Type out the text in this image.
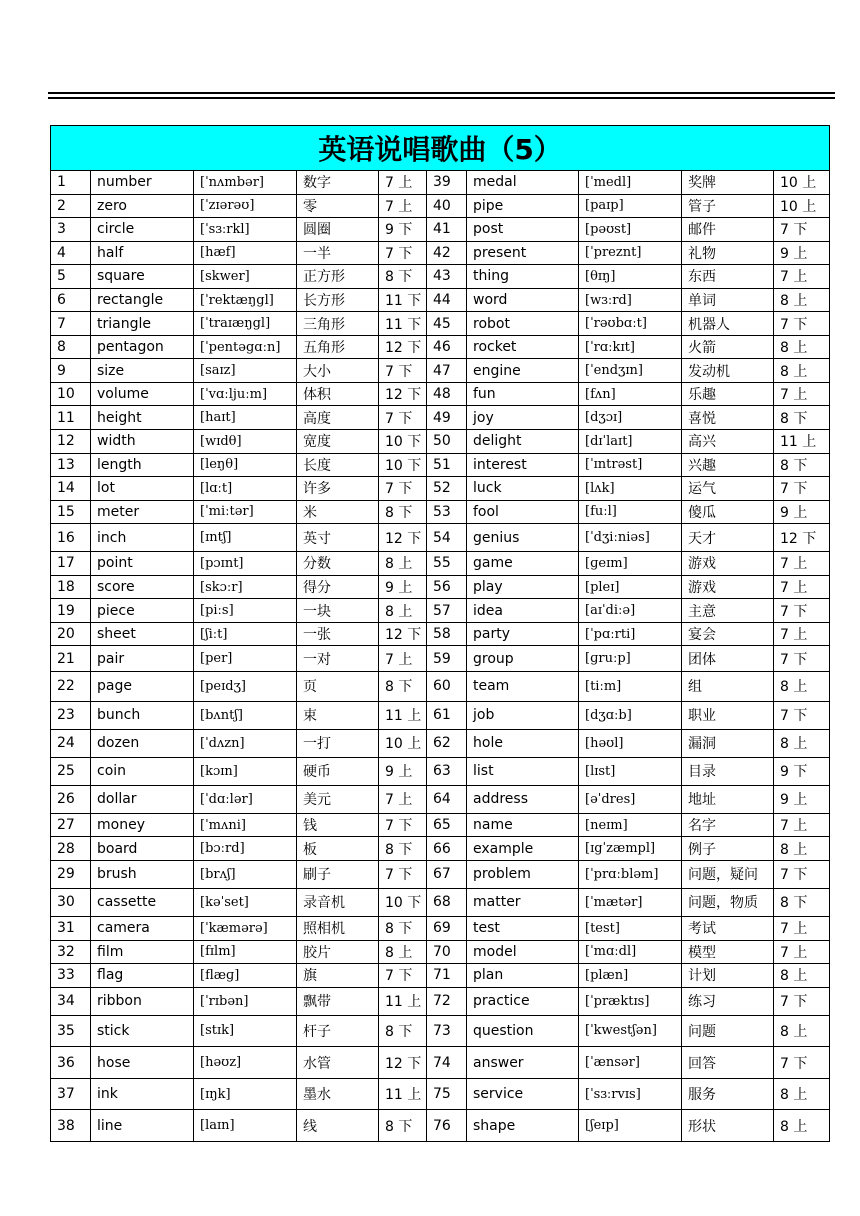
英语说唱歌曲（5）									
1	number	[ˈnʌmbər]	数字	7 上	39	medal	[ˈmedl]	奖牌	10 上
2	zero	[ˈzɪərəʊ]	零	7 上	40	pipe	[paɪp]	管子	10 上
3	circle	[ˈsɜːrkl]	圆圈	9 下	41	post	[pəʊst]	邮件	7 下
4	half	[hæf]	一半	7 下	42	present	[ˈpreznt]	礼物	9 上
5	square	[skwer]	正方形	8 下	43	thing	[θɪŋ]	东西	7 上
6	rectangle	[ˈrektæŋgl]	长方形	11 下	44	word	[wɜːrd]	单词	8 上
7	triangle	[ˈtraɪæŋgl]	三角形	11 下	45	robot	[ˈrəʊbɑːt]	机器人	7 下
8	pentagon	[ˈpentəgɑːn]	五角形	12 下	46	rocket	[ˈrɑːkɪt]	火箭	8 上
9	size	[saɪz]	大小	7 下	47	engine	[ˈendʒɪn]	发动机	8 上
10	volume	[ˈvɑːljuːm]	体积	12 下	48	fun	[fʌn]	乐趣	7 上
11	height	[haɪt]	高度	7 下	49	joy	[dʒɔɪ]	喜悦	8 下
12	width	[wɪdθ]	宽度	10 下	50	delight	[dɪˈlaɪt]	高兴	11 上
13	length	[leŋθ]	长度	10 下	51	interest	[ˈɪntrəst]	兴趣	8 下
14	lot	[lɑːt]	许多	7 下	52	luck	[lʌk]	运气	7 下
15	meter	[ˈmiːtər]	米	8 下	53	fool	[fuːl]	傻瓜	9 上
16	inch	[ɪntʃ]	英寸	12 下	54	genius	[ˈdʒiːniəs]	天才	12 下
17	point	[pɔɪnt]	分数	8 上	55	game	[ɡeɪm]	游戏	7 上
18	score	[skɔːr]	得分	9 上	56	play	[pleɪ]	游戏	7 上
19	piece	[piːs]	一块	8 上	57	idea	[aɪˈdiːə]	主意	7 下
20	sheet	[ʃiːt]	一张	12 下	58	party	[ˈpɑːrti]	宴会	7 上
21	pair	[per]	一对	7 上	59	group	[ɡruːp]	团体	7 下
22	page	[peɪdʒ]	页	8 下	60	team	[tiːm]	组	8 上
23	bunch	[bʌntʃ]	束	11 上	61	job	[dʒɑːb]	职业	7 下
24	dozen	[ˈdʌzn]	一打	10 上	62	hole	[həʊl]	漏洞	8 上
25	coin	[kɔɪn]	硬币	9 上	63	list	[lɪst]	目录	9 下
26	dollar	[ˈdɑːlər]	美元	7 上	64	address	[əˈdres]	地址	9 上
27	money	[ˈmʌni]	钱	7 下	65	name	[neɪm]	名字	7 上
28	board	[bɔːrd]	板	8 下	66	example	[ɪgˈzæmpl]	例子	8 上
29	brush	[brʌʃ]	刷子	7 下	67	problem	[ˈprɑːbləm]	问题，疑问	7 下
30	cassette	[kəˈset]	录音机	10 下	68	matter	[ˈmætər]	问题，物质	8 下
31	camera	[ˈkæmərə]	照相机	8 下	69	test	[test]	考试	7 上
32	film	[fɪlm]	胶片	8 上	70	model	[ˈmɑːdl]	模型	7 上
33	flag	[flæɡ]	旗	7 下	71	plan	[plæn]	计划	8 上
34	ribbon	[ˈrɪbən]	飘带	11 上	72	practice	[ˈpræktɪs]	练习	7 下
35	stick	[stɪk]	杆子	8 下	73	question	[ˈkwestʃən]	问题	8 上
36	hose	[həʊz]	水管	12 下	74	answer	[ˈænsər]	回答	7 下
37	ink	[ɪŋk]	墨水	11 上	75	service	[ˈsɜːrvɪs]	服务	8 上
38	line	[laɪn]	线	8 下	76	shape	[ʃeɪp]	形状	8 上
